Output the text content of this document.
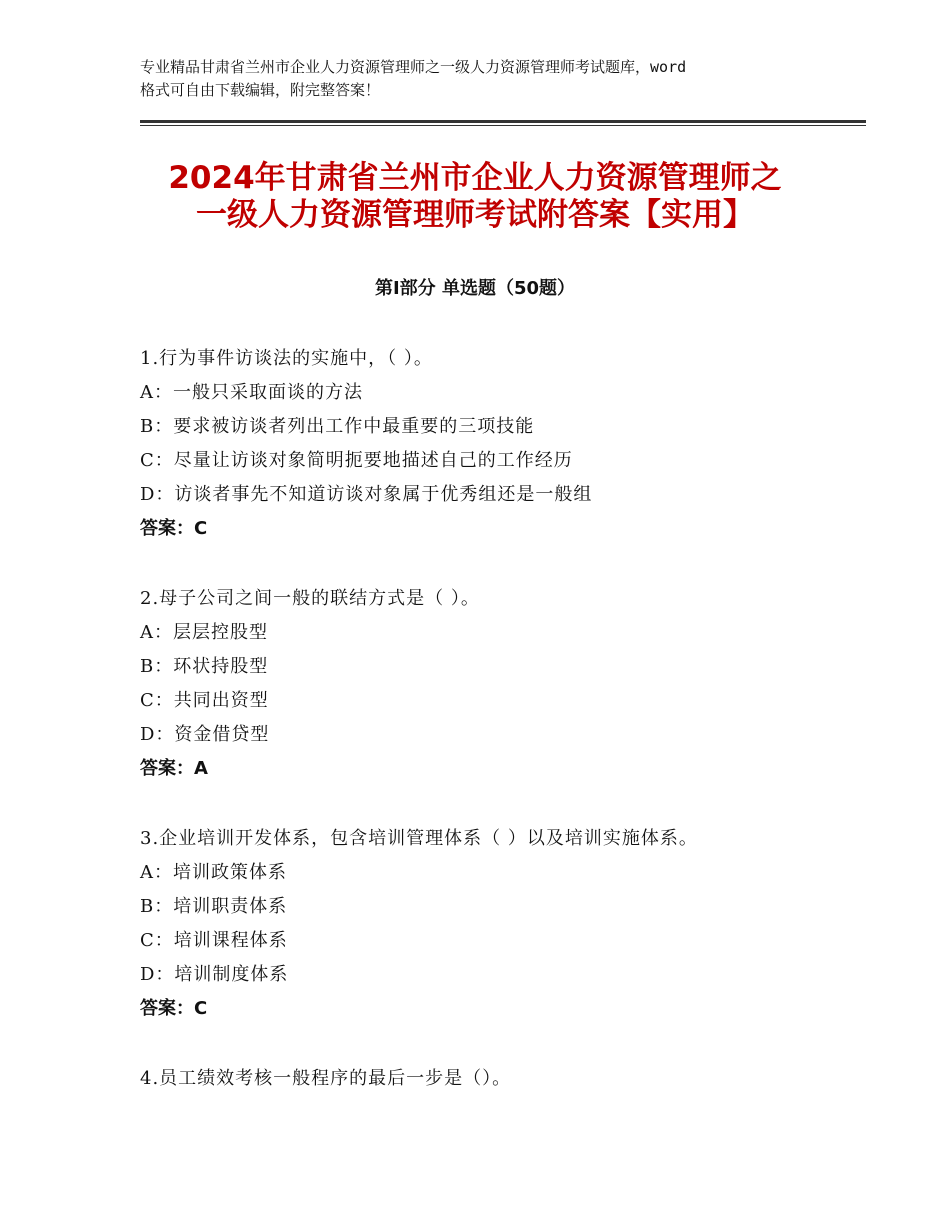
专业精品甘肃省兰州市企业人力资源管理师之一级人力资源管理师考试题库，word
格式可自由下载编辑，附完整答案！
2024年甘肃省兰州市企业人力资源管理师之
一级人力资源管理师考试附答案【实用】
第Ⅰ部分 单选题（50题）
1.行为事件访谈法的实施中，（ ）。
A：一般只采取面谈的方法
B：要求被访谈者列出工作中最重要的三项技能
C：尽量让访谈对象简明扼要地描述自己的工作经历
D：访谈者事先不知道访谈对象属于优秀组还是一般组
答案：C
2.母子公司之间一般的联结方式是（ ）。
A：层层控股型
B：环状持股型
C：共同出资型
D：资金借贷型
答案：A
3.企业培训开发体系，包含培训管理体系（ ）以及培训实施体系。
A：培训政策体系
B：培训职责体系
C：培训课程体系
D：培训制度体系
答案：C
4.员工绩效考核一般程序的最后一步是（）。
